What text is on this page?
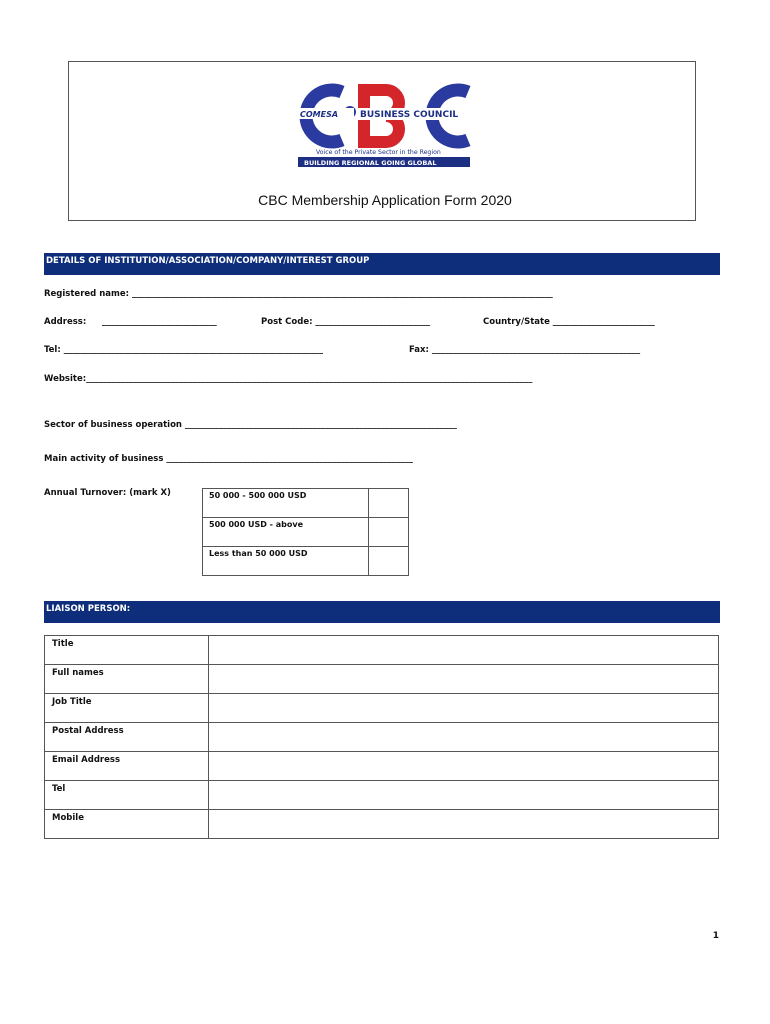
COMESA BUSINESS COUNCIL
Voice of the Private Sector in the Region
BUILDING REGIONAL GOING GLOBAL
CBC Membership Application Form 2020
DETAILS OF INSTITUTION/ASSOCIATION/COMPANY/INTEREST GROUP
Registered name: ___________________________________________________________________________________________________
Address: ___________________________	Post Code: ___________________________	Country/State ________________________
Tel: _____________________________________________________________	Fax: _________________________________________________
Website:_________________________________________________________________________________________________________
Sector of business operation ________________________________________________________________
Main activity of business __________________________________________________________
Annual Turnover: (mark X)	50 000 - 500 000 USD	
500 000 USD - above	
Less than 50 000 USD	
LIAISON PERSON:
Title	
Full names	
Job Title	
Postal Address	
Email Address	
Tel	
Mobile	
1
